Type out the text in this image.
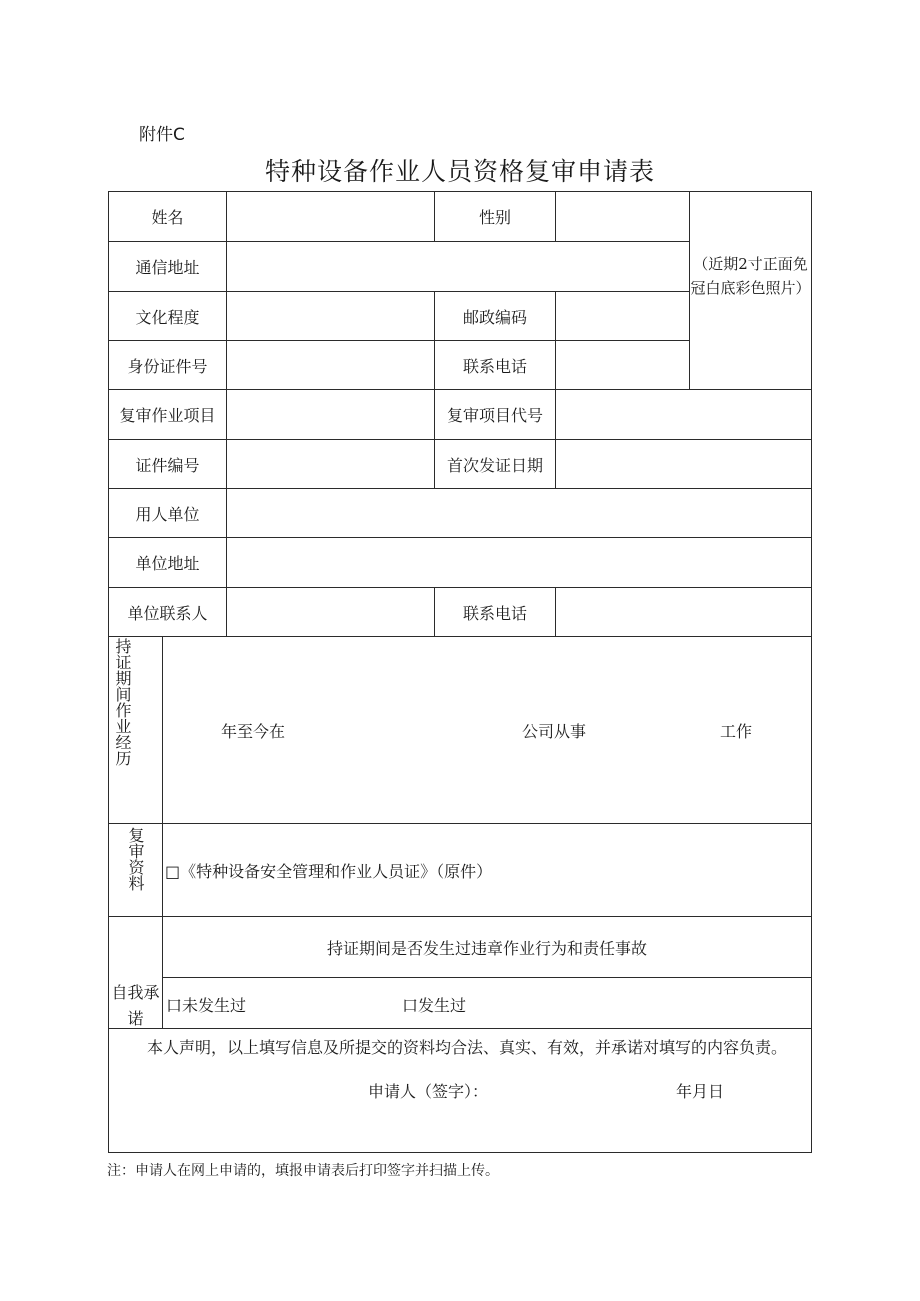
附件C
特种设备作业人员资格复审申请表
姓名	性别
通信地址
文化程度	邮政编码
身份证件号	联系电话
（近期2寸正面免冠白底彩色照片）
复审作业项目	复审项目代号
证件编号	首次发证日期
用人单位
单位地址
单位联系人	联系电话
持证期间作业经历	年至今在	公司从事	工作
复审资料 □《特种设备安全管理和作业人员证》（原件）
自我承诺
持证期间是否发生过违章作业行为和责任事故
口未发生过	口发生过
本人声明，以上填写信息及所提交的资料均合法、真实、有效，并承诺对填写的内容负责。
申请人（签字）：	年月日
注：申请人在网上申请的，填报申请表后打印签字并扫描上传。
